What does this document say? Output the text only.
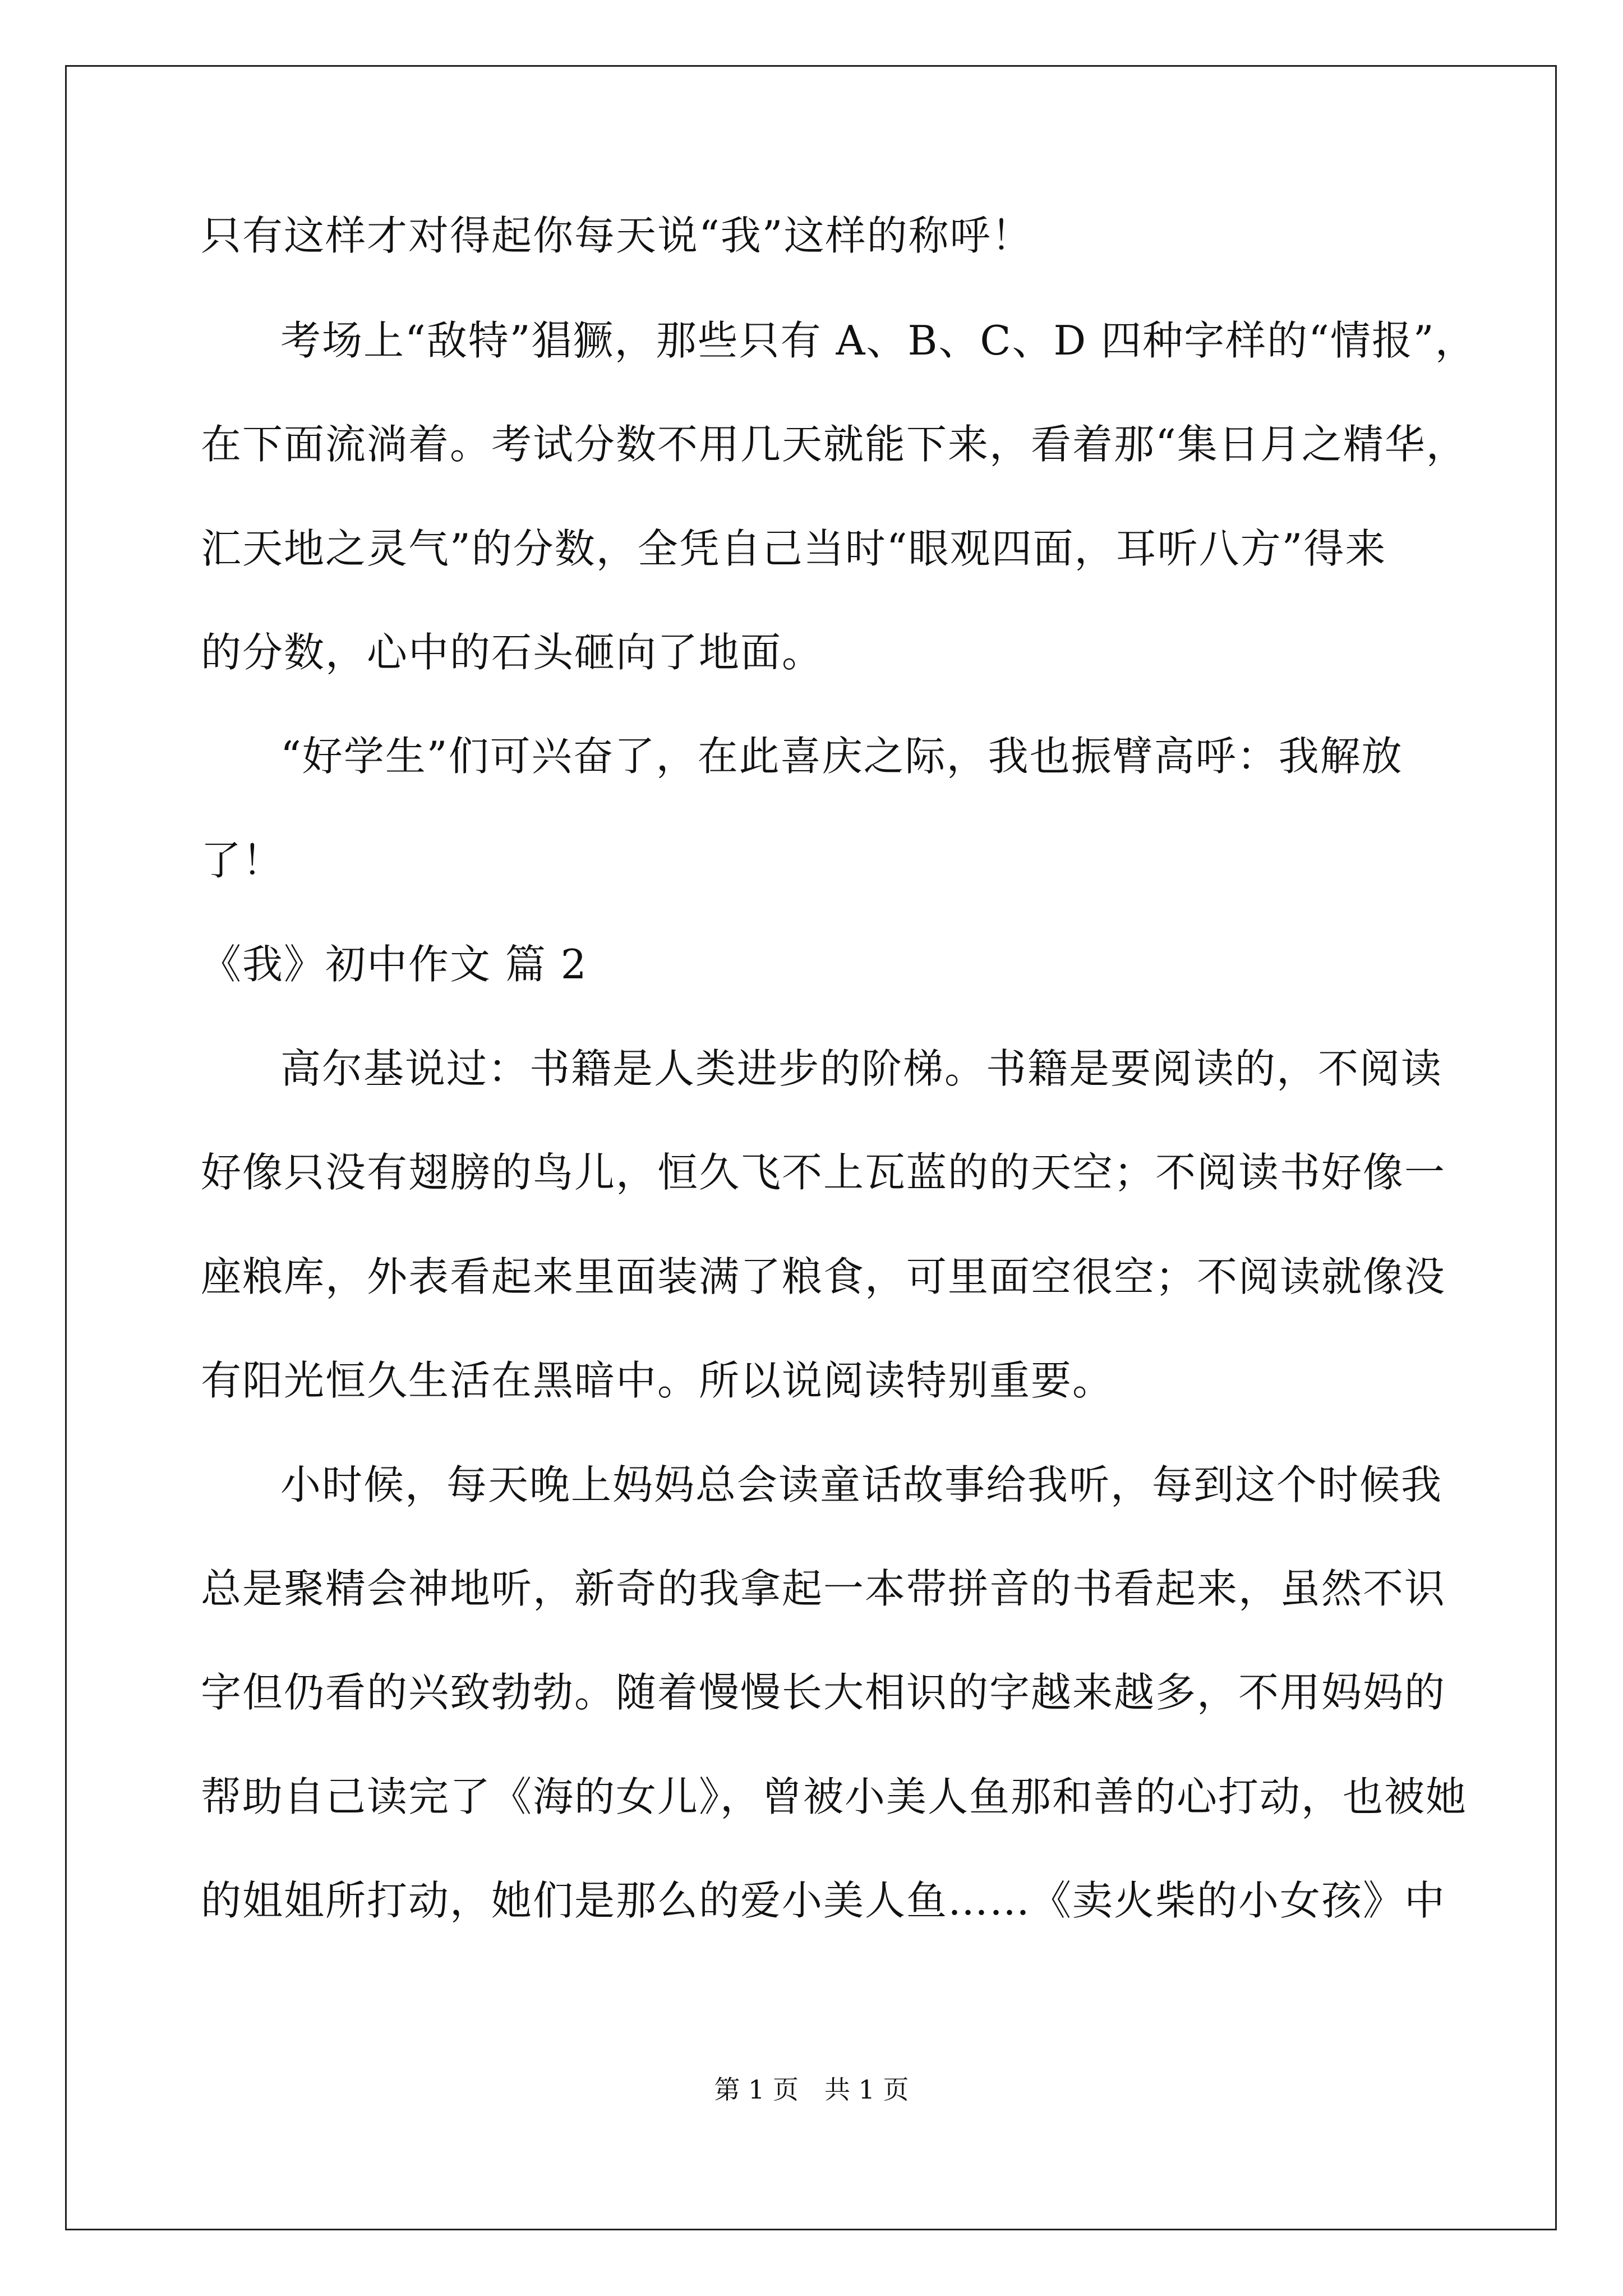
只有这样才对得起你每天说“我”这样的称呼！
考场上“敌特”猖獗，那些只有 A、B、C、D 四种字样的“情报”，
在下面流淌着。考试分数不用几天就能下来，看着那“集日月之精华，
汇天地之灵气”的分数，全凭自己当时“眼观四面，耳听八方”得来
的分数，心中的石头砸向了地面。
“好学生”们可兴奋了，在此喜庆之际，我也振臂高呼：我解放
了！
《我》初中作文 篇 2
高尔基说过：书籍是人类进步的阶梯。书籍是要阅读的，不阅读
好像只没有翅膀的鸟儿，恒久飞不上瓦蓝的的天空；不阅读书好像一
座粮库，外表看起来里面装满了粮食，可里面空很空；不阅读就像没
有阳光恒久生活在黑暗中。所以说阅读特别重要。
小时候，每天晚上妈妈总会读童话故事给我听，每到这个时候我
总是聚精会神地听，新奇的我拿起一本带拼音的书看起来，虽然不识
字但仍看的兴致勃勃。随着慢慢长大相识的字越来越多，不用妈妈的
帮助自己读完了《海的女儿》，曾被小美人鱼那和善的心打动，也被她
的姐姐所打动，她们是那么的爱小美人鱼……《卖火柴的小女孩》中
第 1 页　共 1 页
